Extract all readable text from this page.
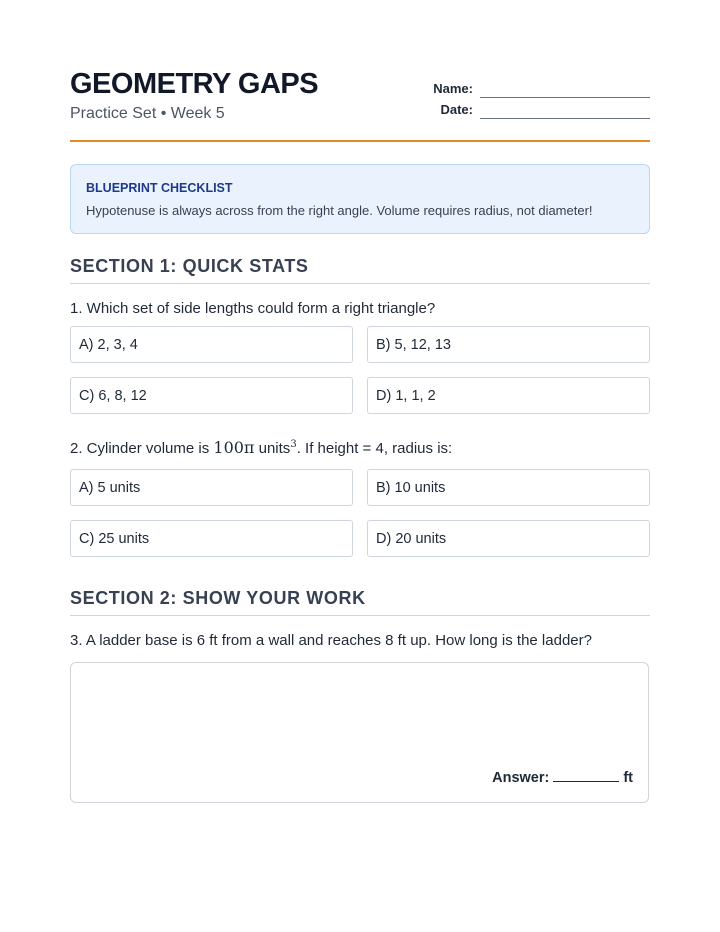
GEOMETRY GAPS
Practice Set • Week 5
Name:
Date:
BLUEPRINT CHECKLIST
Hypotenuse is always across from the right angle. Volume requires radius, not diameter!
SECTION 1: QUICK STATS
1. Which set of side lengths could form a right triangle?
A) 2, 3, 4	B) 5, 12, 13
C) 6, 8, 12	D) 1, 1, 2
2. Cylinder volume is 100π units$^3$. If height = 4, radius is:
A) 5 units	B) 10 units
C) 25 units	D) 20 units
SECTION 2: SHOW YOUR WORK
3. A ladder base is 6 ft from a wall and reaches 8 ft up. How long is the ladder?
Answer:	ft
